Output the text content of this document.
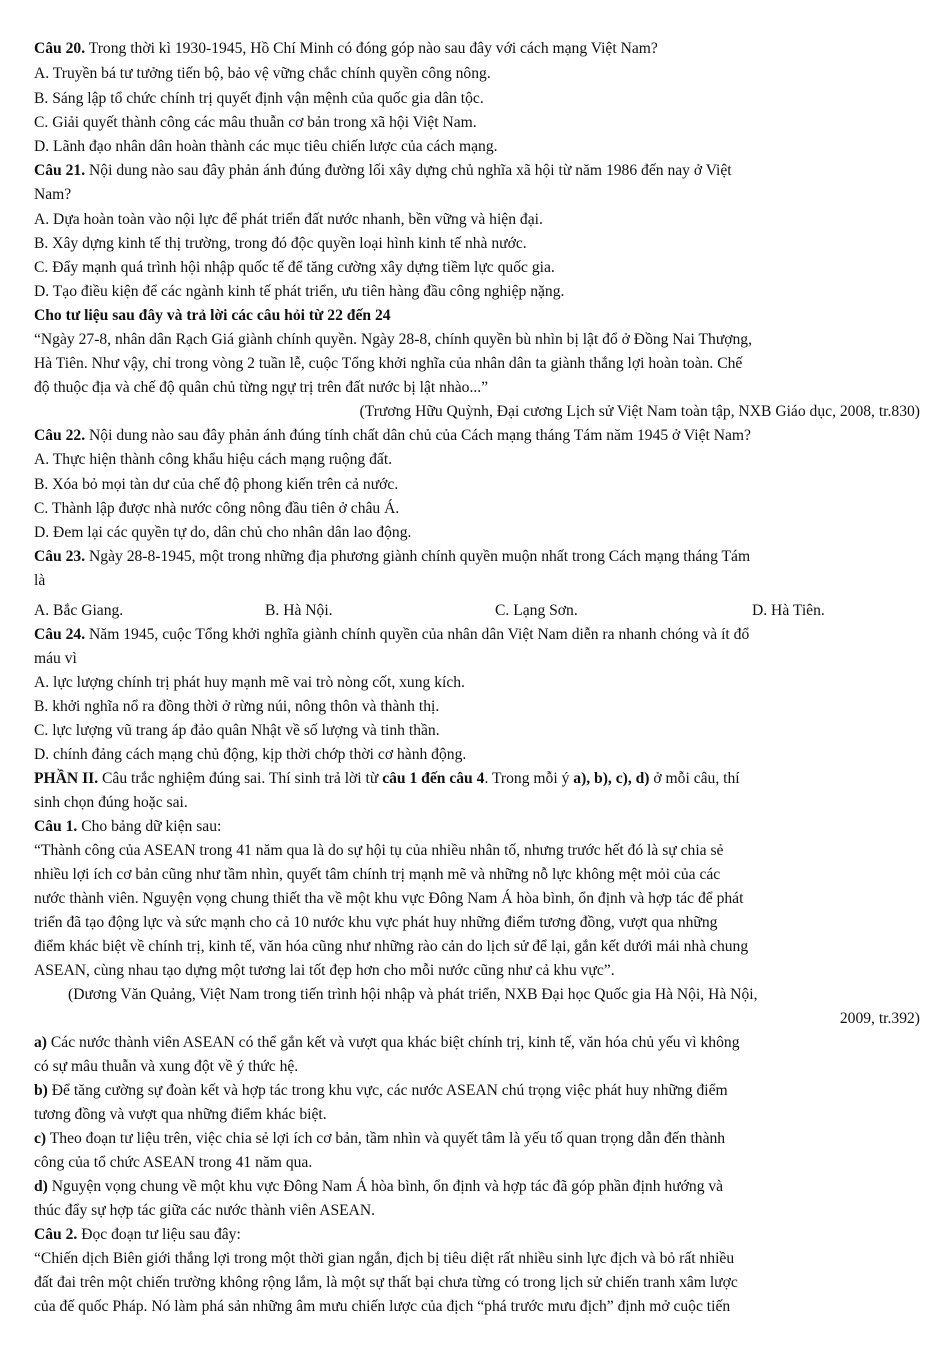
Câu 20. Trong thời kì 1930-1945, Hồ Chí Minh có đóng góp nào sau đây với cách mạng Việt Nam?
A. Truyền bá tư tưởng tiến bộ, bảo vệ vững chắc chính quyền công nông.
B. Sáng lập tổ chức chính trị quyết định vận mệnh của quốc gia dân tộc.
C. Giải quyết thành công các mâu thuẫn cơ bản trong xã hội Việt Nam.
D. Lãnh đạo nhân dân hoàn thành các mục tiêu chiến lược của cách mạng.
Câu 21. Nội dung nào sau đây phản ánh đúng đường lối xây dựng chủ nghĩa xã hội từ năm 1986 đến nay ở Việt
Nam?
A. Dựa hoàn toàn vào nội lực để phát triển đất nước nhanh, bền vững và hiện đại.
B. Xây dựng kinh tế thị trường, trong đó độc quyền loại hình kinh tế nhà nước.
C. Đẩy mạnh quá trình hội nhập quốc tế để tăng cường xây dựng tiềm lực quốc gia.
D. Tạo điều kiện để các ngành kinh tế phát triển, ưu tiên hàng đầu công nghiệp nặng.
Cho tư liệu sau đây và trả lời các câu hỏi từ 22 đến 24
“Ngày 27-8, nhân dân Rạch Giá giành chính quyền. Ngày 28-8, chính quyền bù nhìn bị lật đổ ở Đồng Nai Thượng,
Hà Tiên. Như vậy, chỉ trong vòng 2 tuần lễ, cuộc Tổng khởi nghĩa của nhân dân ta giành thắng lợi hoàn toàn. Chế
độ thuộc địa và chế độ quân chủ từng ngự trị trên đất nước bị lật nhào...”
(Trương Hữu Quỳnh, Đại cương Lịch sử Việt Nam toàn tập, NXB Giáo dục, 2008, tr.830)
Câu 22. Nội dung nào sau đây phản ánh đúng tính chất dân chủ của Cách mạng tháng Tám năm 1945 ở Việt Nam?
A. Thực hiện thành công khẩu hiệu cách mạng ruộng đất.
B. Xóa bỏ mọi tàn dư của chế độ phong kiến trên cả nước.
C. Thành lập được nhà nước công nông đầu tiên ở châu Á.
D. Đem lại các quyền tự do, dân chủ cho nhân dân lao động.
Câu 23. Ngày 28-8-1945, một trong những địa phương giành chính quyền muộn nhất trong Cách mạng tháng Tám
là
A. Bắc Giang.	B. Hà Nội.	C. Lạng Sơn.	D. Hà Tiên.
Câu 24. Năm 1945, cuộc Tổng khởi nghĩa giành chính quyền của nhân dân Việt Nam diễn ra nhanh chóng và ít đổ
máu vì
A. lực lượng chính trị phát huy mạnh mẽ vai trò nòng cốt, xung kích.
B. khởi nghĩa nổ ra đồng thời ở rừng núi, nông thôn và thành thị.
C. lực lượng vũ trang áp đảo quân Nhật về số lượng và tinh thần.
D. chính đảng cách mạng chủ động, kịp thời chớp thời cơ hành động.
PHẦN II. Câu trắc nghiệm đúng sai. Thí sinh trả lời từ câu 1 đến câu 4. Trong mỗi ý a), b), c), d) ở mỗi câu, thí
sinh chọn đúng hoặc sai.
Câu 1. Cho bảng dữ kiện sau:
“Thành công của ASEAN trong 41 năm qua là do sự hội tụ của nhiều nhân tố, nhưng trước hết đó là sự chia sẻ
nhiều lợi ích cơ bản cũng như tầm nhìn, quyết tâm chính trị mạnh mẽ và những nỗ lực không mệt mỏi của các
nước thành viên. Nguyện vọng chung thiết tha về một khu vực Đông Nam Á hòa bình, ổn định và hợp tác để phát
triển đã tạo động lực và sức mạnh cho cả 10 nước khu vực phát huy những điểm tương đồng, vượt qua những
điểm khác biệt về chính trị, kinh tế, văn hóa cũng như những rào cản do lịch sử để lại, gắn kết dưới mái nhà chung
ASEAN, cùng nhau tạo dựng một tương lai tốt đẹp hơn cho mỗi nước cũng như cả khu vực”.
(Dương Văn Quảng, Việt Nam trong tiến trình hội nhập và phát triển, NXB Đại học Quốc gia Hà Nội, Hà Nội,
2009, tr.392)
a) Các nước thành viên ASEAN có thể gắn kết và vượt qua khác biệt chính trị, kinh tế, văn hóa chủ yếu vì không
có sự mâu thuẫn và xung đột về ý thức hệ.
b) Để tăng cường sự đoàn kết và hợp tác trong khu vực, các nước ASEAN chú trọng việc phát huy những điểm
tương đồng và vượt qua những điểm khác biệt.
c) Theo đoạn tư liệu trên, việc chia sẻ lợi ích cơ bản, tầm nhìn và quyết tâm là yếu tố quan trọng dẫn đến thành
công của tổ chức ASEAN trong 41 năm qua.
d) Nguyện vọng chung về một khu vực Đông Nam Á hòa bình, ổn định và hợp tác đã góp phần định hướng và
thúc đẩy sự hợp tác giữa các nước thành viên ASEAN.
Câu 2. Đọc đoạn tư liệu sau đây:
“Chiến dịch Biên giới thắng lợi trong một thời gian ngắn, địch bị tiêu diệt rất nhiều sinh lực địch và bỏ rất nhiều
đất đai trên một chiến trường không rộng lắm, là một sự thất bại chưa từng có trong lịch sử chiến tranh xâm lược
của đế quốc Pháp. Nó làm phá sản những âm mưu chiến lược của địch “phá trước mưu địch” định mở cuộc tiến
